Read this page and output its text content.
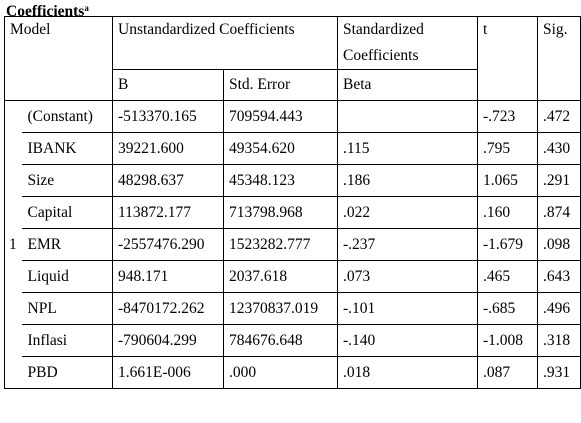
Coefficients$^a$
Model		Unstandardized Coefficients		Standardized
Coefficients	t	Sig.
		B	Std. Error	Beta		
1	(Constant)	-513370.165	709594.443		-.723	.472
	IBANK	39221.600	49354.620	.115	.795	.430
	Size	48298.637	45348.123	.186	1.065	.291
	Capital	113872.177	713798.968	.022	.160	.874
	EMR	-2557476.290	1523282.777	-.237	-1.679	.098
	Liquid	948.171	2037.618	.073	.465	.643
	NPL	-8470172.262	12370837.019	-.101	-.685	.496
	Inflasi	-790604.299	784676.648	-.140	-1.008	.318
	PBD	1.661E-006	.000	.018	.087	.931
